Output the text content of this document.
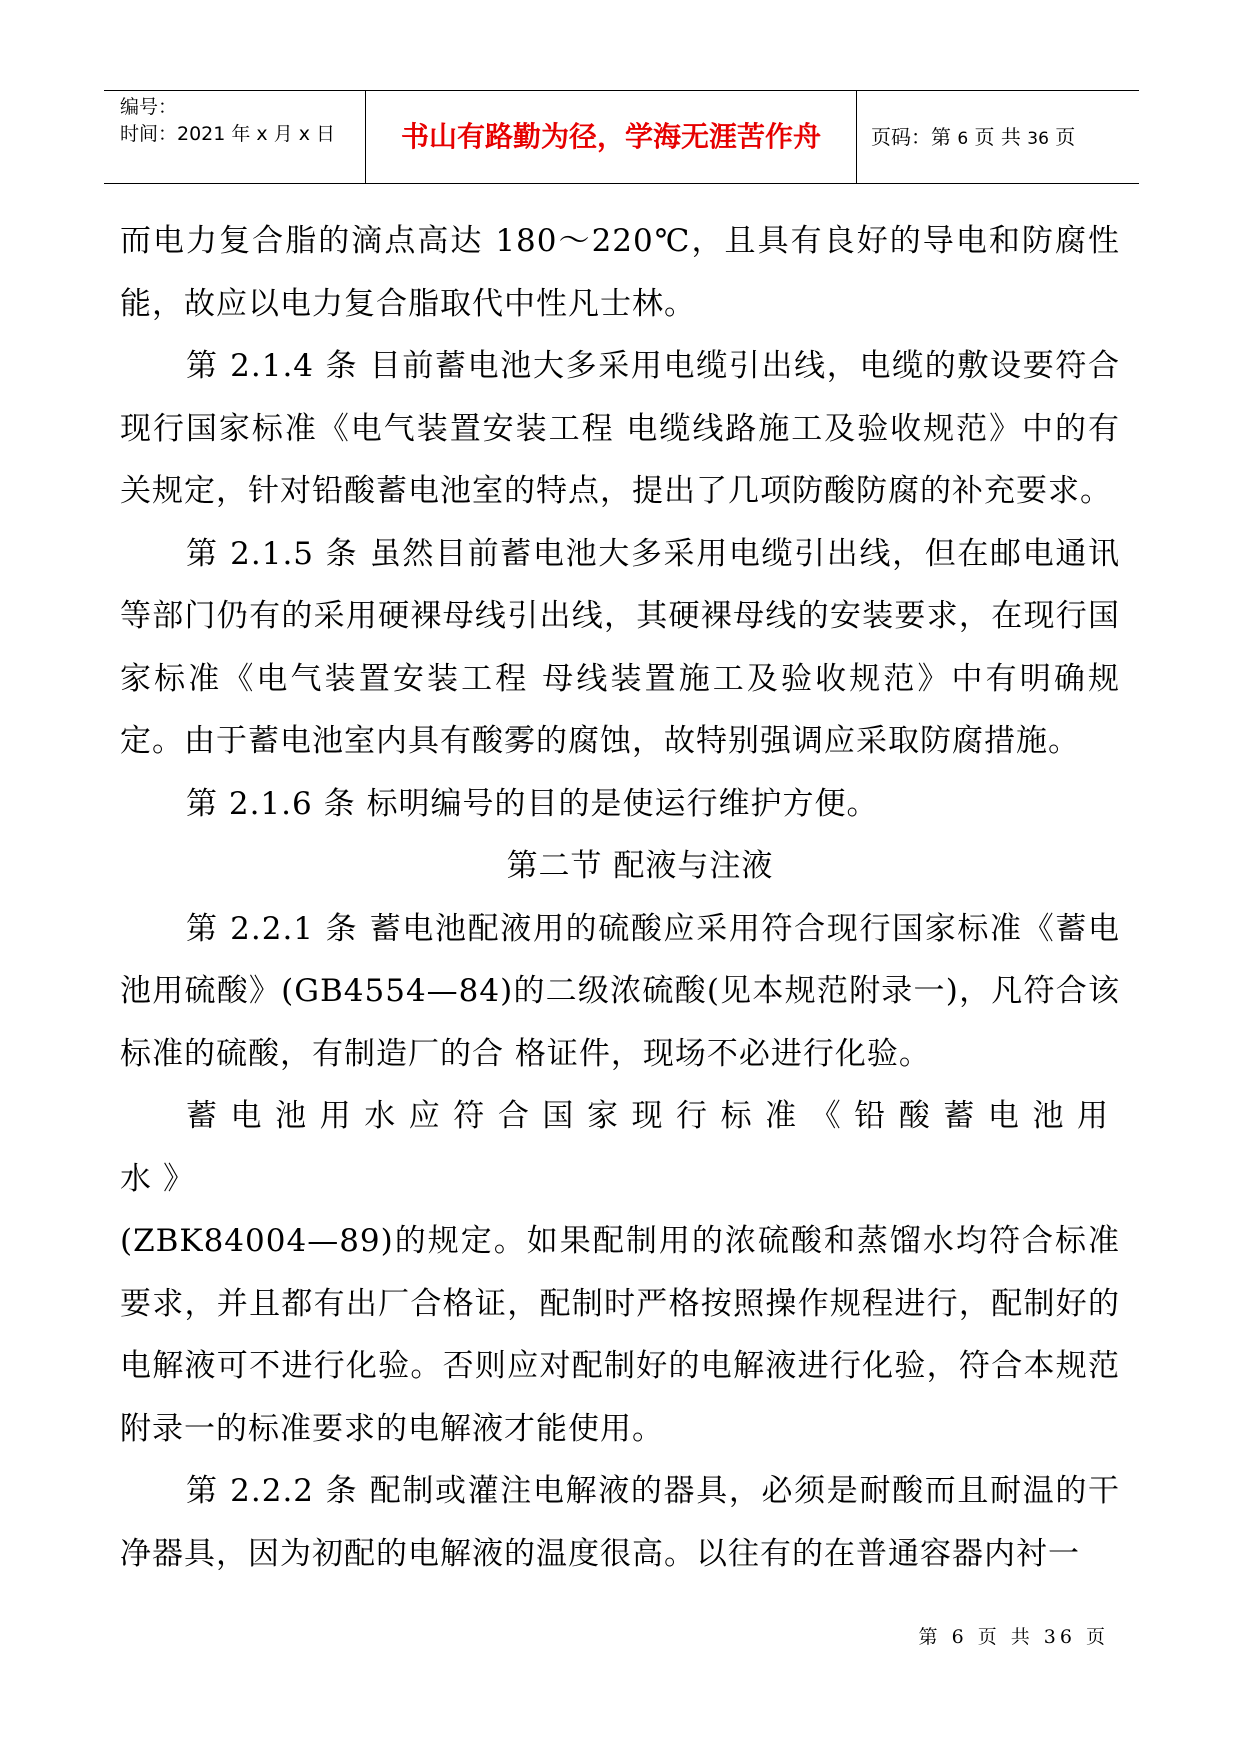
编号：
时间：2021 年 x 月 x 日	书山有路勤为径，学海无涯苦作舟	页码：第 6 页 共 36 页

而电力复合脂的滴点高达 180～220℃，且具有良好的导电和防腐性能，故应以电力复合脂取代中性凡士林。

第 2.1.4 条 目前蓄电池大多采用电缆引出线，电缆的敷设要符合现行国家标准《电气装置安装工程 电缆线路施工及验收规范》中的有关规定，针对铅酸蓄电池室的特点，提出了几项防酸防腐的补充要求。

第 2.1.5 条 虽然目前蓄电池大多采用电缆引出线，但在邮电通讯等部门仍有的采用硬裸母线引出线，其硬裸母线的安装要求，在现行国家标准《电气装置安装工程 母线装置施工及验收规范》中有明确规定。由于蓄电池室内具有酸雾的腐蚀，故特别强调应采取防腐措施。

第 2.1.6 条 标明编号的目的是使运行维护方便。

第二节 配液与注液

第 2.2.1 条 蓄电池配液用的硫酸应采用符合现行国家标准《蓄电池用硫酸》(GB4554—84)的二级浓硫酸(见本规范附录一)，凡符合该标准的硫酸，有制造厂的合 格证件，现场不必进行化验。

蓄电池用水应符合国家现行标准《铅酸蓄电池用水》

(ZBK84004—89)的规定。如果配制用的浓硫酸和蒸馏水均符合标准要求，并且都有出厂合格证，配制时严格按照操作规程进行，配制好的电解液可不进行化验。否则应对配制好的电解液进行化验，符合本规范附录一的标准要求的电解液才能使用。

第 2.2.2 条 配制或灌注电解液的器具，必须是耐酸而且耐温的干净器具，因为初配的电解液的温度很高。以往有的在普通容器内衬一

第 6 页 共 36 页
